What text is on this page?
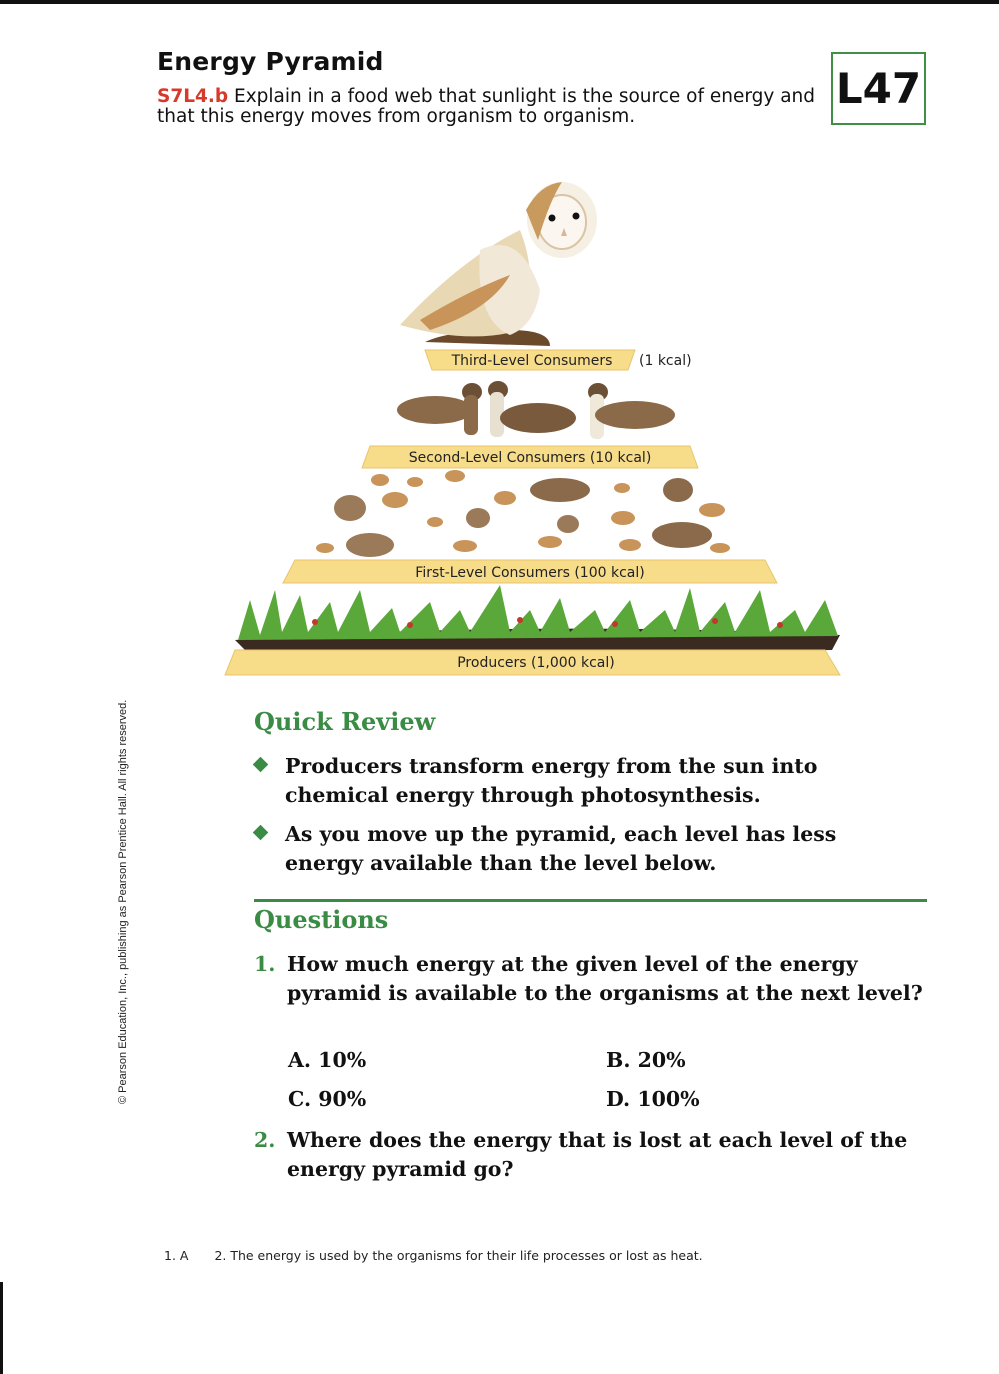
Energy Pyramid
S7L4.b Explain in a food web that sunlight is the source of energy and that this energy moves from organism to organism.
L47
© Pearson Education, Inc., publishing as Pearson Prentice Hall. All rights reserved.
Third-Level Consumers (1 kcal)
Second-Level Consumers (10 kcal)
First-Level Consumers (100 kcal)
Producers (1,000 kcal)
Quick Review
Producers transform energy from the sun into chemical energy through photosynthesis.
As you move up the pyramid, each level has less energy available than the level below.
Questions
1. How much energy at the given level of the energy pyramid is available to the organisms at the next level?
A. 10%	B. 20%
C. 90%	D. 100%
2. Where does the energy that is lost at each level of the energy pyramid go?
1. A 2. The energy is used by the organisms for their life processes or lost as heat.
